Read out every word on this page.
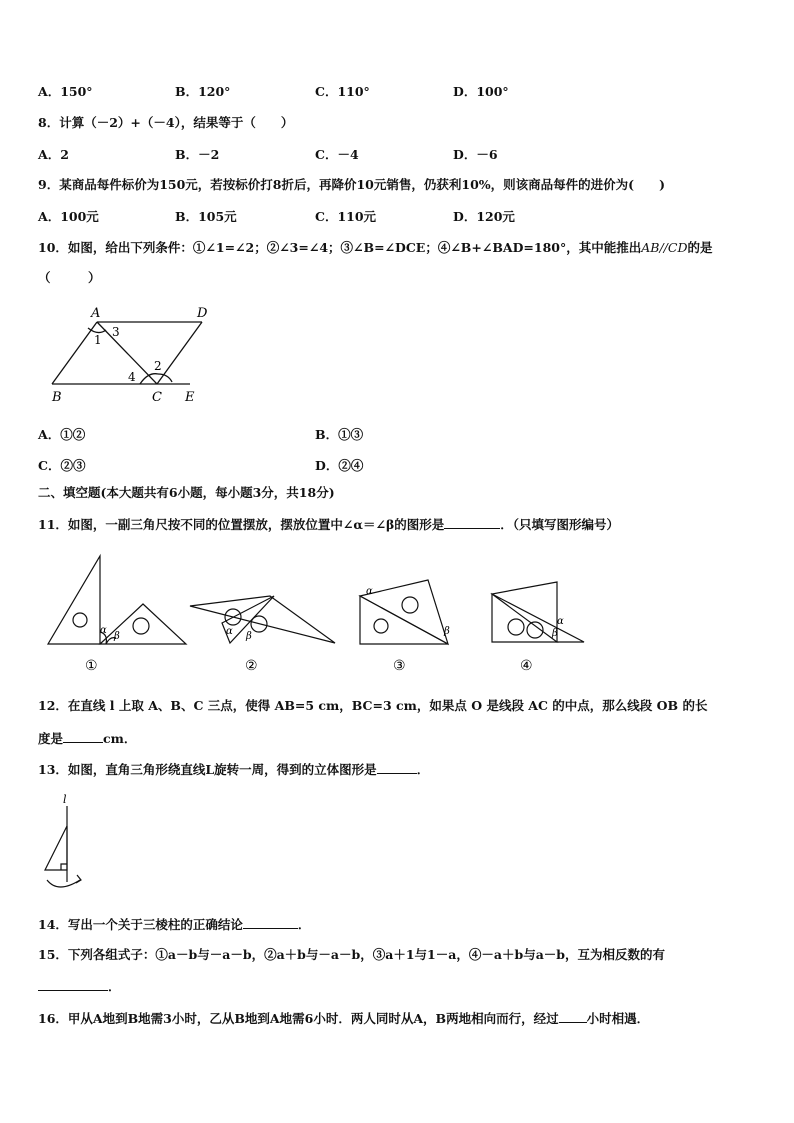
A．150°	B．120°	C．110°	D．100°
8．计算（－2）+（－4），结果等于（　　）
A．2	B．－2	C．－4	D．－6
9．某商品每件标价为150元，若按标价打8折后，再降价10元销售，仍获利10%，则该商品每件的进价为(　　)
A．100元	B．105元	C．110元	D．120元
10．如图，给出下列条件：①∠1=∠2；②∠3=∠4；③∠B=∠DCE；④∠B+∠BAD=180°，其中能推出AB//CD的是
（　　　）
A	D
B	C E
1
2
3
4
A．①②	B．①③
C．②③	D．②④
二、填空题(本大题共有6小题，每小题3分，共18分)
11．如图，一副三角尺按不同的位置摆放，摆放位置中∠α＝∠β的图形是	．（只填写图形编号）
α
β	α β
α
β
α
β
①	②	③	④
12．在直线 l 上取 A、B、C 三点，使得 AB=5 cm，BC=3 cm，如果点 O 是线段 AC 的中点，那么线段 OB 的长
度是	cm．
13．如图，直角三角形绕直线L旋转一周，得到的立体图形是	．
l
14．写出一个关于三棱柱的正确结论	．
15．下列各组式子：①a－b与－a－b，②a＋b与－a－b，③a＋1与1－a，④－a＋b与a－b，互为相反数的有
．
16．甲从A地到B地需3小时，乙从B地到A地需6小时．两人同时从A，B两地相向而行，经过 小时相遇．
